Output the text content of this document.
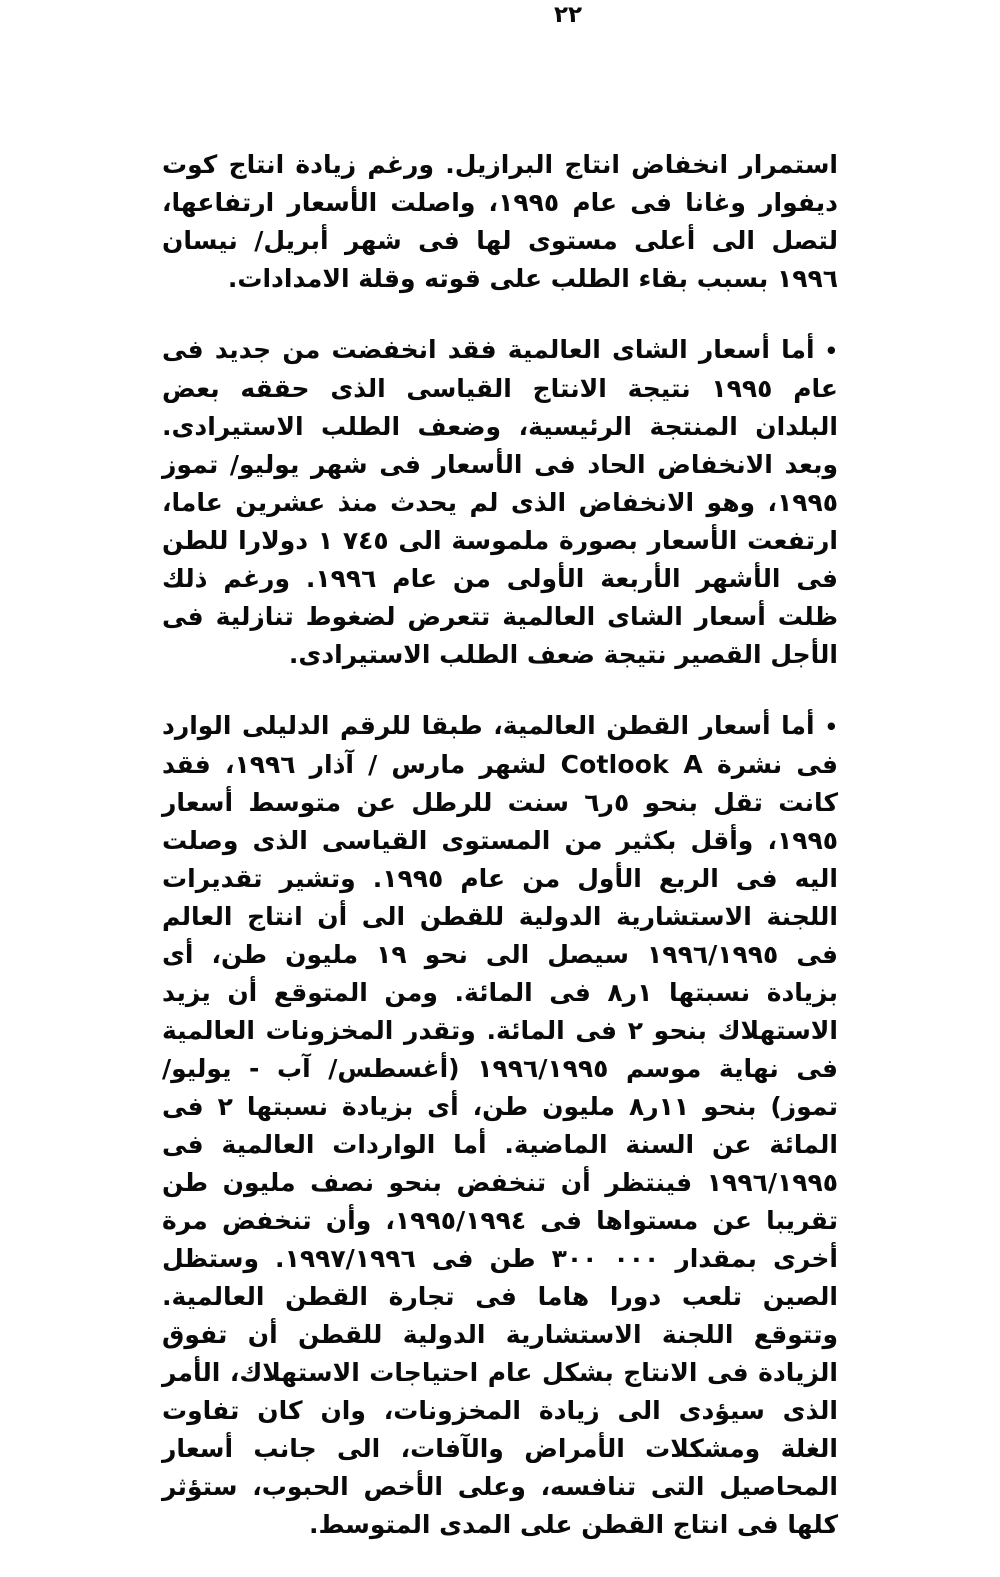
٢٢

استمرار انخفاض انتاج البرازيل. ورغم زيادة انتاج كوت ديفوار وغانا فى عام ١٩٩٥، واصلت الأسعار ارتفاعها، لتصل الى أعلى مستوى لها فى شهر أبريل/ نيسان ١٩٩٦ بسبب بقاء الطلب على قوته وقلة الامدادات.

•أما أسعار الشاى العالمية فقد انخفضت من جديد فى عام ١٩٩٥ نتيجة الانتاج القياسى الذى حققه بعض البلدان المنتجة الرئيسية، وضعف الطلب الاستيرادى. وبعد الانخفاض الحاد فى الأسعار فى شهر يوليو/ تموز ١٩٩٥، وهو الانخفاض الذى لم يحدث منذ عشرين عاما، ارتفعت الأسعار بصورة ملموسة الى ١‎ ‎٧٤٥ دولارا للطن فى الأشهر الأربعة الأولى من عام ١٩٩٦. ورغم ذلك ظلت أسعار الشاى العالمية تتعرض لضغوط تنازلية فى الأجل القصير نتيجة ضعف الطلب الاستيرادى.

•أما أسعار القطن العالمية، طبقا للرقم الدليلى الوارد فى نشرة Cotlook A لشهر مارس / آذار ١٩٩٦، فقد كانت تقل بنحو ٥ر٦ سنت للرطل عن متوسط أسعار ١٩٩٥، وأقل بكثير من المستوى القياسى الذى وصلت اليه فى الربع الأول من عام ١٩٩٥. وتشير تقديرات اللجنة الاستشارية الدولية للقطن الى أن انتاج العالم فى ١٩٩٦/١٩٩٥ سيصل الى نحو ١٩ مليون طن، أى بزيادة نسبتها ١ر٨ فى المائة. ومن المتوقع أن يزيد الاستهلاك بنحو ٢ فى المائة. وتقدر المخزونات العالمية فى نهاية موسم ١٩٩٦/١٩٩٥ (أغسطس/ آب - يوليو/ تموز) بنحو ١١ر٨ مليون طن، أى بزيادة نسبتها ٢ فى المائة عن السنة الماضية. أما الواردات العالمية فى ١٩٩٦/١٩٩٥ فينتظر أن تنخفض بنحو نصف مليون طن تقريبا عن مستواها فى ١٩٩٥/١٩٩٤، وأن تنخفض مرة أخرى بمقدار ٣٠٠‎ ‎٠٠٠ طن فى ١٩٩٧/١٩٩٦. وستظل الصين تلعب دورا هاما فى تجارة القطن العالمية. وتتوقع اللجنة الاستشارية الدولية للقطن أن تفوق الزيادة فى الانتاج بشكل عام احتياجات الاستهلاك، الأمر الذى سيؤدى الى زيادة المخزونات، وان كان تفاوت الغلة ومشكلات الأمراض والآفات، الى جانب أسعار المحاصيل التى تنافسه، وعلى الأخص الحبوب، ستؤثر كلها فى انتاج القطن على المدى المتوسط.
